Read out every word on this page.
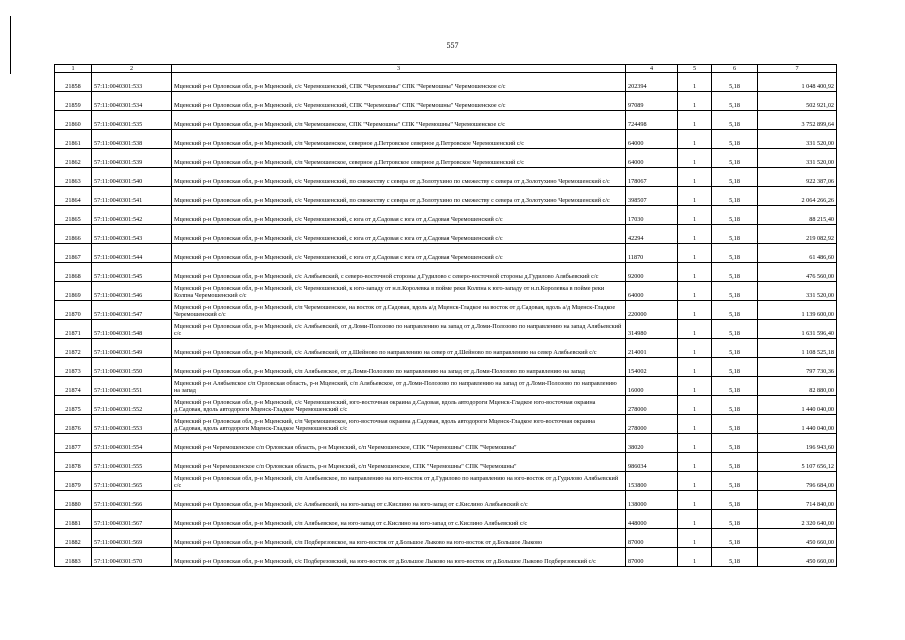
557
1	2	3	4	5	6	7
21858	57:11:0040301:533	Мценский р-н Орловская обл, р-н Мценский, с/с Черемошенский, СПК "Черемошны" СПК "Черемошны" Черемошенское с/с	202394	1	5,18	1 048 400,92
21859	57:11:0040301:534	Мценский р-н Орловская обл, р-н Мценский, с/с Черемошенский, СПК "Черемошны" СПК "Черемошны" Черемошенское с/с	97089	1	5,18	502 921,02
21860	57:11:0040301:535	Мценский р-н Орловская обл, р-н Мценский, с/п Черемошенское, СПК "Черемошны" СПК "Черемошны" Черемошенское с/с	724498	1	5,18	3 752 899,64
21861	57:11:0040301:538	Мценский р-н Орловская обл, р-н Мценский, с/п Черемошенское, северное д.Петровское северное д.Петровское Черемошенский с/с	64000	1	5,18	331 520,00
21862	57:11:0040301:539	Мценский р-н Орловская обл, р-н Мценский, с/п Черемошенское, северное д.Петровское северное д.Петровское Черемошенский с/с	64000	1	5,18	331 520,00
21863	57:11:0040301:540	Мценский р-н Орловская обл, р-н Мценский, с/с Черемошенский, по смежеству с севера от д.Золотухино по смежеству с севера от д.Золотухино Черемошенский с/с	178067	1	5,18	922 387,06
21864	57:11:0040301:541	Мценский р-н Орловская обл, р-н Мценский, с/с Черемошенский, по смежеству с севера от д.Золотухино по смежеству с севера от д.Золотухино Черемошенский с/с	398507	1	5,18	2 064 266,26
21865	57:11:0040301:542	Мценский р-н Орловская обл, р-н Мценский, с/с Черемошенский, с юга от д.Садовая с юга от д.Садовая Черемошенский с/с	17030	1	5,18	88 215,40
21866	57:11:0040301:543	Мценский р-н Орловская обл, р-н Мценский, с/с Черемошенский, с юга от д.Садовая с юга от д.Садовая Черемошенский с/с	42294	1	5,18	219 082,92
21867	57:11:0040301:544	Мценский р-н Орловская обл, р-н Мценский, с/с Черемошенский, с юга от д.Садовая с юга от д.Садовая Черемошенский с/с	11870	1	5,18	61 486,60
21868	57:11:0040301:545	Мценский р-н Орловская обл, р-н Мценский, с/с Алябьевский, с северо-восточной стороны д.Гудилово с северо-восточной стороны д.Гудилово Алябьевский с/с	92000	1	5,18	476 560,00
21869	57:11:0040301:546	Мценский р-н Орловская обл, р-н Мценский, с/с Черемошенский, к юго-западу от н.п.Королевка в пойме реки Колпна к юго-западу от н.п.Королевка в пойме реки Колпна Черемошенский с/с	64000	1	5,18	331 520,00
21870	57:11:0040301:547	Мценский р-н Орловская обл, р-н Мценский, с/п Черемошенское, на восток от д.Садовая, вдоль а/д Мценск-Гладкое на восток от д.Садовая, вдоль а/д Мценск-Гладкое Черемошенский с/с	220000	1	5,18	1 139 600,00
21871	57:11:0040301:548	Мценский р-н Орловская обл, р-н Мценский, с/с Алябьевский, от д.Ломи-Полозово по направлению на запад от д.Ломи-Полозово по направлению на запад Алябьевский с/с	314980	1	5,18	1 631 596,40
21872	57:11:0040301:549	Мценский р-н Орловская обл, р-н Мценский, с/с Алябьевский, от д.Шейново по направлению на север от д.Шейново по направлению на север Алябьевский с/с	214001	1	5,18	1 108 525,18
21873	57:11:0040301:550	Мценский р-н Орловская обл, р-н Мценский, с/п Алябьевское, от д.Ломи-Полозово по направлению на запад от д.Ломи-Полозово по направлению на запад	154002	1	5,18	797 730,36
21874	57:11:0040301:551	Мценский р-н Алябьевское с/п Орловская область, р-н Мценский, с/п Алябьевское, от д.Ломи-Полозово по направлению на запад от д.Ломи-Полозово по направлению на запад	16000	1	5,18	82 880,00
21875	57:11:0040301:552	Мценский р-н Орловская обл, р-н Мценский, с/с Черемошенский, юго-восточная окраина д.Садовая, вдоль автодороги Мценск-Гладкое юго-восточная окраина д.Садовая, вдоль автодороги Мценск-Гладкое Черемошенский с/с	278000	1	5,18	1 440 040,00
21876	57:11:0040301:553	Мценский р-н Орловская обл, р-н Мценский, с/п Черемошенское, юго-восточная окраина д.Садовая, вдоль автодороги Мценск-Гладкое юго-восточная окраина д.Садовая, вдоль автодороги Мценск-Гладкое Черемошенский с/с	278000	1	5,18	1 440 040,00
21877	57:11:0040301:554	Мценский р-н Черемошенское с/п Орловская область, р-н Мценский, с/п Черемошенское, СПК "Черемошны" СПК "Черемошны"	38020	1	5,18	196 943,60
21878	57:11:0040301:555	Мценский р-н Черемошенское с/п Орловская область, р-н Мценский, с/п Черемошенское, СПК "Черемошны" СПК "Черемошны"	986034	1	5,18	5 107 656,12
21879	57:11:0040301:565	Мценский р-н Орловская обл, р-н Мценский, с/п Алябьевское, по направлению на юго-восток от д.Гудилово по направлению на юго-восток от д.Гудилово Алябьевский с/с	153800	1	5,18	796 684,00
21880	57:11:0040301:566	Мценский р-н Орловская обл, р-н Мценский, с/с Алябьевский, на юго-запад от с.Кислино на юго-запад от с.Кислино Алябьевский с/с	138000	1	5,18	714 840,00
21881	57:11:0040301:567	Мценский р-н Орловская обл, р-н Мценский, с/п Алябьевское, на юго-запад от с.Кислино на юго-запад от с.Кислино Алябьевский с/с	448000	1	5,18	2 320 640,00
21882	57:11:0040301:569	Мценский р-н Орловская обл, р-н Мценский, с/п Подберезовское, на юго-восток от д.Большое Лыково на юго-восток от д.Большое Лыково	87000	1	5,18	450 660,00
21883	57:11:0040301:570	Мценский р-н Орловская обл, р-н Мценский, с/с Подберезовский, на юго-восток от д.Большое Лыково на юго-восток от д.Большое Лыково Подберезовский с/с	87000	1	5,18	450 660,00
